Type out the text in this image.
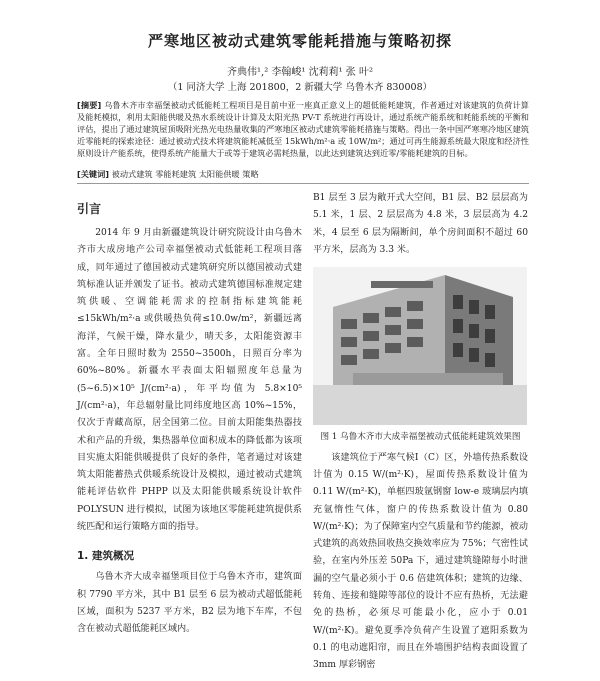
严寒地区被动式建筑零能耗措施与策略初探
齐典伟¹,² 李翰峻¹ 沈莉莉¹ 张 叶²
（1 同济大学 上海 201800，2 新疆大学 乌鲁木齐 830008）
[摘要] 乌鲁木齐市幸福堡被动式低能耗工程项目是目前中亚一座真正意义上的超低能耗建筑，作者通过对该建筑的负荷计算及能耗模拟，利用太阳能供暖及热水系统设计计算及太阳光热 PV-T 系统进行再设计，通过系统产能系统和耗能系统的平衡和评估，提出了通过建筑屋顶吸附光热光电热量收集的严寒地区被动式建筑零能耗措施与策略。得出一条中国严寒寒冷地区建筑近零能耗的探索途径：通过被动式技术将建筑能耗减低至 15kWh/m²·a 或 10W/m²；通过可再生能源系统最大限度和经济性原则设计产能系统，使得系统产能量大于或等于建筑必需耗热量，以此达到建筑达到近零/零能耗建筑的目标。
[关键词] 被动式建筑 零能耗建筑 太阳能供暖 策略
引言

2014 年 9 月由新疆建筑设计研究院设计由乌鲁木齐市大成房地产公司幸福堡被动式低能耗工程项目落成，同年通过了德国被动式建筑研究所以德国被动式建筑标准认证并颁发了证书。被动式建筑德国标准规定建筑供暖、空调能耗需求的控制指标建筑能耗≤15kWh/m²·a 或供暖热负荷≤10.0w/m²，新疆远离海洋，气候干燥，降水量少，晴天多，太阳能资源丰富。全年日照时数为 2550~3500h，日照百分率为 60%~80%。新疆水平表面太阳辐照度年总量为(5~6.5)×10⁵ J/(cm²·a)，年平均值为 5.8×10⁵ J/(cm²·a)，年总辐射量比同纬度地区高 10%~15%，仅次于青藏高原，居全国第二位。目前太阳能集热器技术和产品的升级，集热器单位面积成本的降低都为该项目实施太阳能供暖提供了良好的条件，笔者通过对该建筑太阳能蓄热式供暖系统设计及模拟，通过被动式建筑能耗评估软件 PHPP 以及太阳能供暖系统设计软件 POLYSUN 进行模拟，试图为该地区零能耗建筑提供系统匹配和运行策略方面的指导。

1. 建筑概况

乌鲁木齐大成幸福堡项目位于乌鲁木齐市，建筑面积 7790 平方米，其中 B1 层至 6 层为被动式超低能耗区域，面积为 5237 平方米，B2 层为地下车库，不包含在被动式超低能耗区域内。

B1 层至 3 层为敞开式大空间，B1 层、B2 层层高为 5.1 米，1 层、2 层层高为 4.8 米，3 层层高为 4.2 米，4 层至 6 层为隔断间，单个房间面积不超过 60 平方米，层高为 3.3 米。

图 1 乌鲁木齐市大成幸福堡被动式低能耗建筑效果图

该建筑位于严寒气候Ⅰ（C）区，外墙传热系数设计值为 0.15 W/(m²·K)，屋面传热系数设计值为 0.11 W/(m²·K)，单框四玻氩钢窗 low-e 玻璃层内填充氩惰性气体，窗户的传热系数设计值为 0.80 W/(m²·K)；为了保障室内空气质量和节约能源，被动式建筑的高效热回收热交换效率应为 75%；气密性试验，在室内外压差 50Pa 下，通过建筑缝隙每小时泄漏的空气量必须小于 0.6 倍建筑体积；建筑的边缘、转角、连接和缝隙等部位的设计不应有热桥，无法避免的热桥，必须尽可能最小化，应小于 0.01 W/(m²·K)。避免夏季冷负荷产生设置了遮阳系数为 0.1 的电动遮阳帘，而且在外墙围护结构表面设置了 3mm 厚彩钢密
